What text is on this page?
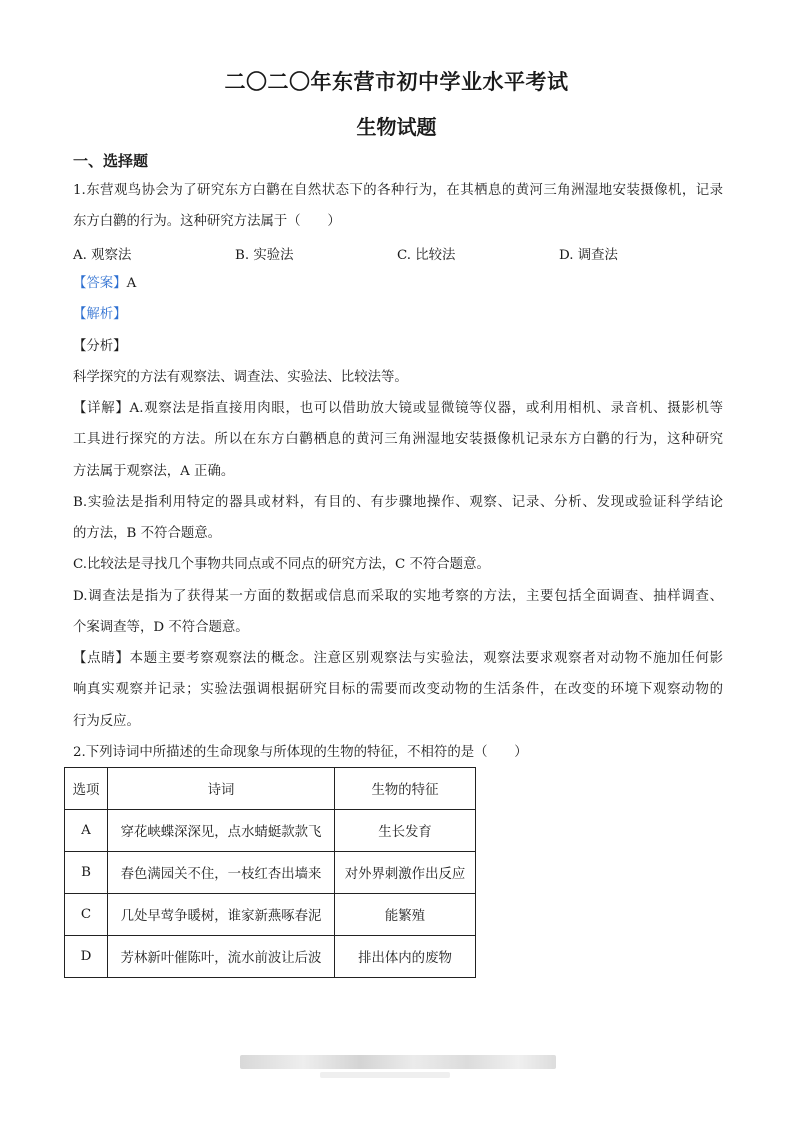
二〇二〇年东营市初中学业水平考试
生物试题
一、选择题
1.东营观鸟协会为了研究东方白鹳在自然状态下的各种行为，在其栖息的黄河三角洲湿地安装摄像机，记录
东方白鹳的行为。这种研究方法属于（　　）
A. 观察法	B. 实验法	C. 比较法	D. 调查法
【答案】A
【解析】
【分析】
科学探究的方法有观察法、调查法、实验法、比较法等。
【详解】A.观察法是指直接用肉眼，也可以借助放大镜或显微镜等仪器，或利用相机、录音机、摄影机等
工具进行探究的方法。所以在东方白鹳栖息的黄河三角洲湿地安装摄像机记录东方白鹳的行为，这种研究
方法属于观察法，A 正确。
B.实验法是指利用特定的器具或材料，有目的、有步骤地操作、观察、记录、分析、发现或验证科学结论
的方法，B 不符合题意。
C.比较法是寻找几个事物共同点或不同点的研究方法，C 不符合题意。
D.调查法是指为了获得某一方面的数据或信息而采取的实地考察的方法，主要包括全面调查、抽样调查、
个案调查等，D 不符合题意。
【点睛】本题主要考察观察法的概念。注意区别观察法与实验法，观察法要求观察者对动物不施加任何影
响真实观察并记录；实验法强调根据研究目标的需要而改变动物的生活条件，在改变的环境下观察动物的
行为反应。
2.下列诗词中所描述的生命现象与所体现的生物的特征，不相符的是（　　）
选项	诗词	生物的特征
A	穿花峡蝶深深见，点水蜻蜓款款飞	生长发育
B	春色满园关不住，一枝红杏出墙来	对外界刺激作出反应
C	几处早莺争暖树，谁家新燕啄春泥	能繁殖
D	芳林新叶催陈叶，流水前波让后波	排出体内的废物
